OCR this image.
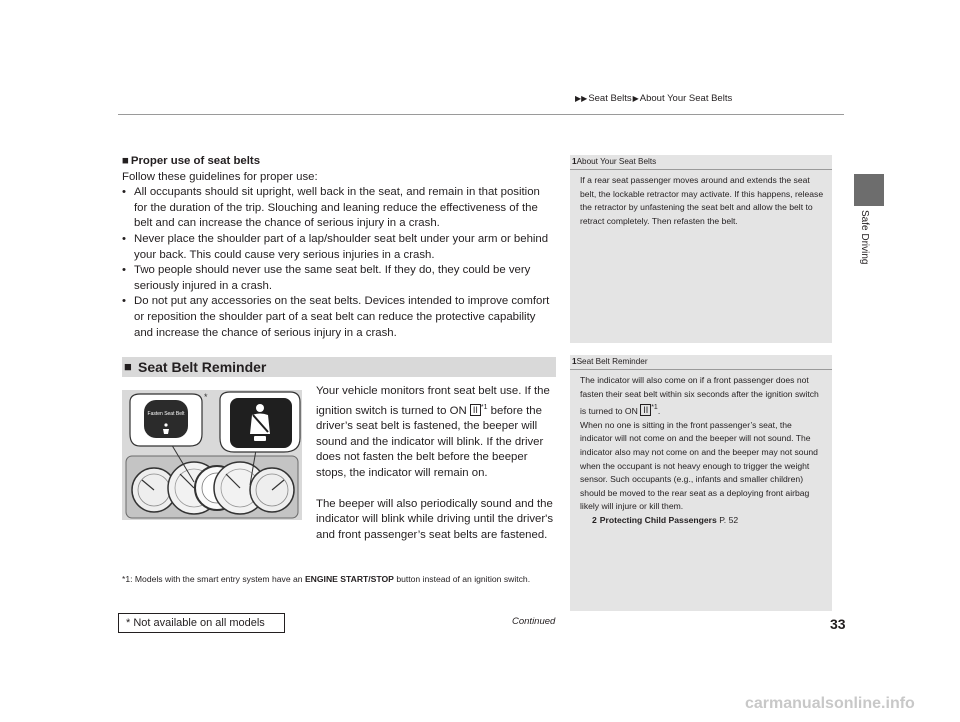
▶▶Seat Belts▶About Your Seat Belts
Safe Driving
■ Proper use of seat belts
Follow these guidelines for proper use:
• All occupants should sit upright, well back in the seat, and remain in that position for the duration of the trip. Slouching and leaning reduce the effectiveness of the belt and can increase the chance of serious injury in a crash.
• Never place the shoulder part of a lap/shoulder seat belt under your arm or behind your back. This could cause very serious injuries in a crash.
• Two people should never use the same seat belt. If they do, they could be very seriously injured in a crash.
• Do not put any accessories on the seat belts. Devices intended to improve comfort or reposition the shoulder part of a seat belt can reduce the protective capability and increase the chance of serious injury in a crash.
■ Seat Belt Reminder
Fasten Seat Belt
*	Your vehicle monitors front seat belt use. If the ignition switch is turned to ON II $^{*1}$ before the driver’s seat belt is fastened, the beeper will sound and the indicator will blink. If the driver does not fasten the belt before the beeper stops, the indicator will remain on.

The beeper will also periodically sound and the indicator will blink while driving until the driver's and front passenger’s seat belts are fastened.

*1: Models with the smart entry system have an ENGINE START/STOP button instead of an ignition switch.
1About Your Seat Belts
If a rear seat passenger moves around and extends the seat belt, the lockable retractor may activate. If this happens, release the retractor by unfastening the seat belt and allow the belt to retract completely. Then refasten the belt.
1Seat Belt Reminder
The indicator will also come on if a front passenger does not fasten their seat belt within six seconds after the ignition switch is turned to ON II $^{*1}$.
When no one is sitting in the front passenger’s seat, the indicator will not come on and the beeper will not sound. The indicator also may not come on and the beeper may not sound when the occupant is not heavy enough to trigger the weight sensor. Such occupants (e.g., infants and smaller children) should be moved to the rear seat as a deploying front airbag likely will injure or kill them.
2 Protecting Child Passengers P. 52
* Not available on all models	Continued	33
carmanualsonline.info
